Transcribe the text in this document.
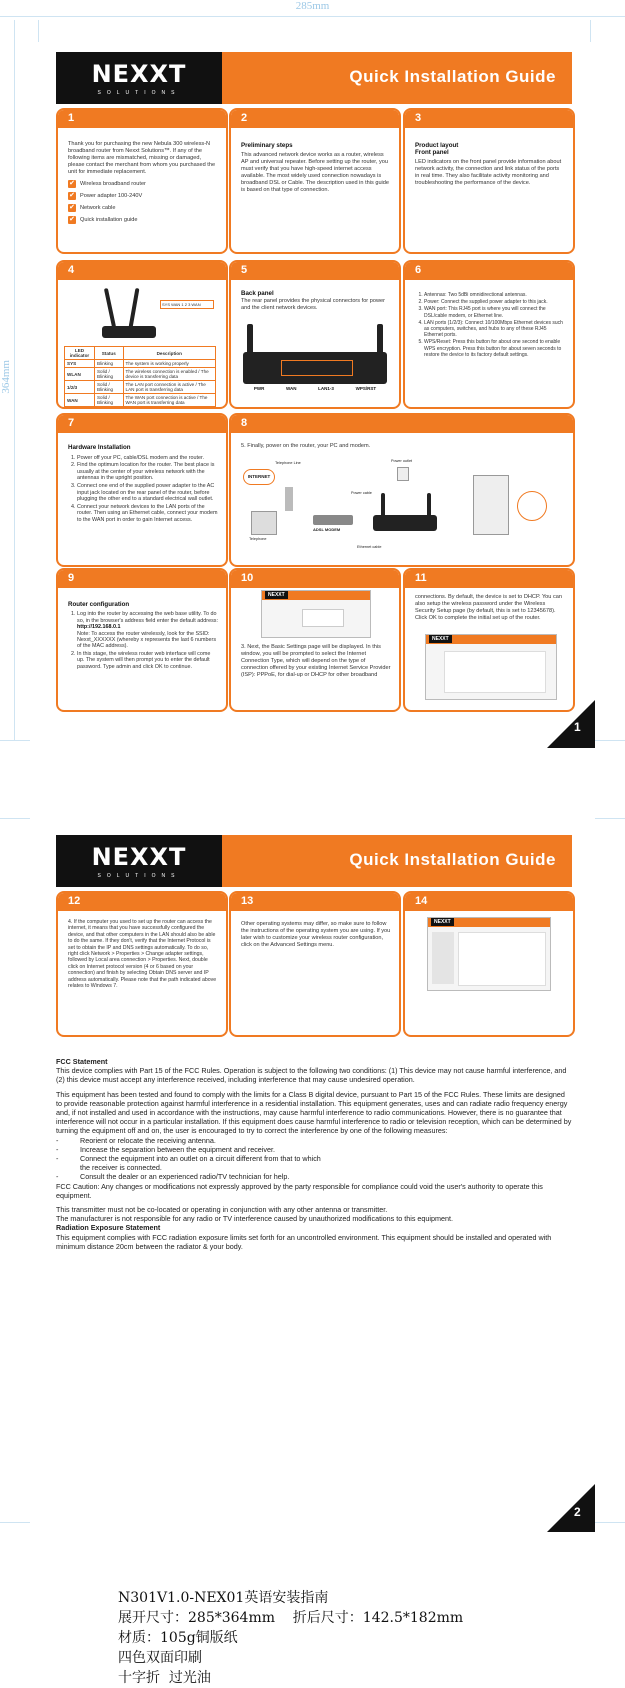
285mm
364mm
NEXXT
SOLUTIONS
Quick Installation Guide
1
Thank you for purchasing the new Nebula 300 wireless-N broadband router from Nexxt Solutions™. If any of the following items are mismatched, missing or damaged, please contact the merchant from whom you purchased the unit for immediate replacement.
✔ Wireless broadband router
✔ Power adapter 100-240V
✔ Network cable
✔ Quick installation guide
2
Preliminary steps
This advanced network device works as a router, wireless AP and universal repeater. Before setting up the router, you must verify that you have high-speed internet access available. The most widely used connection nowadays is broadband DSL or Cable. The description used in this guide is based on that type of connection.
3
Product layout
Front panel
LED indicators on the front panel provide information about network activity, the connection and link status of the ports in real time. They also facilitate activity monitoring and troubleshooting the performance of the device.
4
SYS WAN 1 2 3 WAN
LED indicator	Status	Description
SYS	Blinking	The system is working properly
WLAN	Solid / Blinking	The wireless connection is enabled / The device is transferring data
1/2/3	Solid / Blinking	The LAN port connection is active / The LAN port is transferring data
WAN	Solid / Blinking	The WAN port connection is active / The WAN port is transferring data
5
Back panel
The rear panel provides the physical connectors for power and the client network devices.
PWR	WAN	LAN1-3	WPS/RST
6
1. Antennas: Two 5dBi omnidirectional antennas.
2. Power: Connect the supplied power adapter to this jack.
3. WAN port: This RJ45 port is where you will connect the DSL/cable modem, or Ethernet line.
4. LAN ports (1/2/3): Connect 10/100Mbps Ethernet devices such as computers, switches, and hubs to any of these RJ45 Ethernet ports.
5. WPS/Reset: Press this button for about one second to enable WPS encryption. Press this button for about seven seconds to restore the device to its factory default settings.
7
Hardware Installation
1. Power off your PC, cable/DSL modem and the router.
2. Find the optimum location for the router. The best place is usually at the center of your wireless network with the antennas in the upright position.
3. Connect one end of the supplied power adapter to the AC input jack located on the rear panel of the router, before plugging the other end to a standard electrical wall outlet.
4. Connect your network devices to the LAN ports of the router. Then using an Ethernet cable, connect your modem to the WAN port in order to gain Internet access.
8
5. Finally, power on the router, your PC and modem.
INTERNET
Telephone Line
Telephone
ADSL MODEM
Power cable
Power outlet
Ethernet cable
9
Router configuration
1. Log into the router by accessing the web base utility. To do so, in the browser's address field enter the default address: http://192.168.0.1
Note: To access the router wirelessly, look for the SSID: Nexxt_XXXXXX (whereby x represents the last 6 numbers of the MAC address).
2. In this stage, the wireless router web interface will come up. The system will then prompt you to enter the default password. Type admin and click OK to continue.
10
NEXXT
3. Next, the Basic Settings page will be displayed. In this window, you will be prompted to select the Internet Connection Type, which will depend on the type of connection offered by your existing Internet Service Provider (ISP): PPPoE, for dial-up or DHCP for other broadband
11
connections. By default, the device is set to DHCP. You can also setup the wireless password under the Wireless Security Setup page (by default, this is set to 12345678). Click OK to complete the initial set up of the router.
NEXXT
1
NEXXT
SOLUTIONS
Quick Installation Guide
12
4. If the computer you used to set up the router can access the internet, it means that you have successfully configured the device, and that other computers in the LAN should also be able to do the same. If they don't, verify that the Internet Protocol is set to obtain the IP and DNS settings automatically. To do so, right click Network > Properties > Change adapter settings, followed by Local area connection > Properties. Next, double click on Internet protocol version (4 or 6 based on your connection) and finish by selecting Obtain DNS server and IP address automatically. Please note that the path indicated above relates to Windows 7.
13
Other operating systems may differ, so make sure to follow the instructions of the operating system you are using. If you later wish to customize your wireless router configuration, click on the Advanced Settings menu.
14
NEXXT
FCC Statement

This device complies with Part 15 of the FCC Rules. Operation is subject to the following two conditions: (1) This device may not cause harmful interference, and (2) this device must accept any interference received, including interference that may cause undesired operation.

This equipment has been tested and found to comply with the limits for a Class B digital device, pursuant to Part 15 of the FCC Rules. These limits are designed to provide reasonable protection against harmful interference in a residential installation. This equipment generates, uses and can radiate radio frequency energy and, if not installed and used in accordance with the instructions, may cause harmful interference to radio communications. However, there is no guarantee that interference will not occur in a particular installation. If this equipment does cause harmful interference to radio or television reception, which can be determined by turning the equipment off and on, the user is encouraged to try to correct the interference by one of the following measures:

-	Reorient or relocate the receiving antenna.
-	Increase the separation between the equipment and receiver.
-	Connect the equipment into an outlet on a circuit different from that to which the receiver is connected.
-	Consult the dealer or an experienced radio/TV technician for help.

FCC Caution: Any changes or modifications not expressly approved by the party responsible for compliance could void the user's authority to operate this equipment.

This transmitter must not be co-located or operating in conjunction with any other antenna or transmitter.
The manufacturer is not responsible for any radio or TV interference caused by unauthorized modifications to this equipment.
Radiation Exposure Statement
This equipment complies with FCC radiation exposure limits set forth for an uncontrolled environment. This equipment should be installed and operated with minimum distance 20cm between the radiator & your body.
2
N301V1.0-NEX01英语安装指南
展开尺寸：285*364mm    折后尺寸：142.5*182mm
材质：105g铜版纸
四色双面印刷
十字折  过光油
